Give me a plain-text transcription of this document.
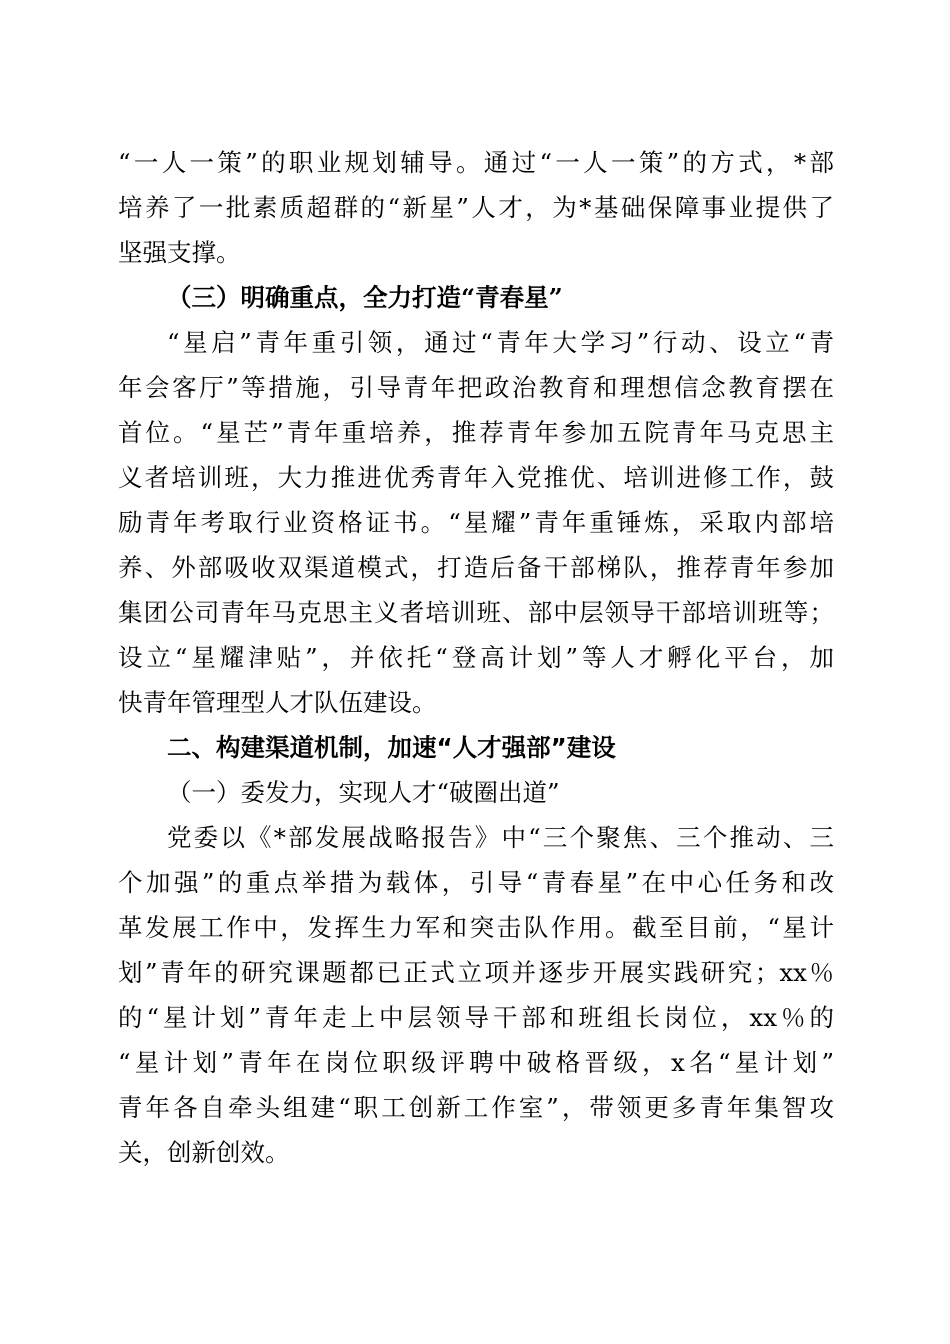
“一人一策”的职业规划辅导。通过“一人一策”的方式，*部
培养了一批素质超群的“新星”人才，为*基础保障事业提供了
坚强支撑。
（三）明确重点，全力打造“青春星”
“星启”青年重引领，通过“青年大学习”行动、设立“青
年会客厅”等措施，引导青年把政治教育和理想信念教育摆在
首位。“星芒”青年重培养，推荐青年参加五院青年马克思主
义者培训班，大力推进优秀青年入党推优、培训进修工作，鼓
励青年考取行业资格证书。“星耀”青年重锤炼，采取内部培
养、外部吸收双渠道模式，打造后备干部梯队，推荐青年参加
集团公司青年马克思主义者培训班、部中层领导干部培训班等；
设立“星耀津贴”，并依托“登高计划”等人才孵化平台，加
快青年管理型人才队伍建设。
二、构建渠道机制，加速“人才强部”建设
（一）委发力，实现人才“破圈出道”
党委以《*部发展战略报告》中“三个聚焦、三个推动、三
个加强”的重点举措为载体，引导“青春星”在中心任务和改
革发展工作中，发挥生力军和突击队作用。截至目前，“星计
划”青年的研究课题都已正式立项并逐步开展实践研究；xx％
的“星计划”青年走上中层领导干部和班组长岗位，xx％的
“星计划”青年在岗位职级评聘中破格晋级，x名“星计划”
青年各自牵头组建“职工创新工作室”，带领更多青年集智攻
关，创新创效。
